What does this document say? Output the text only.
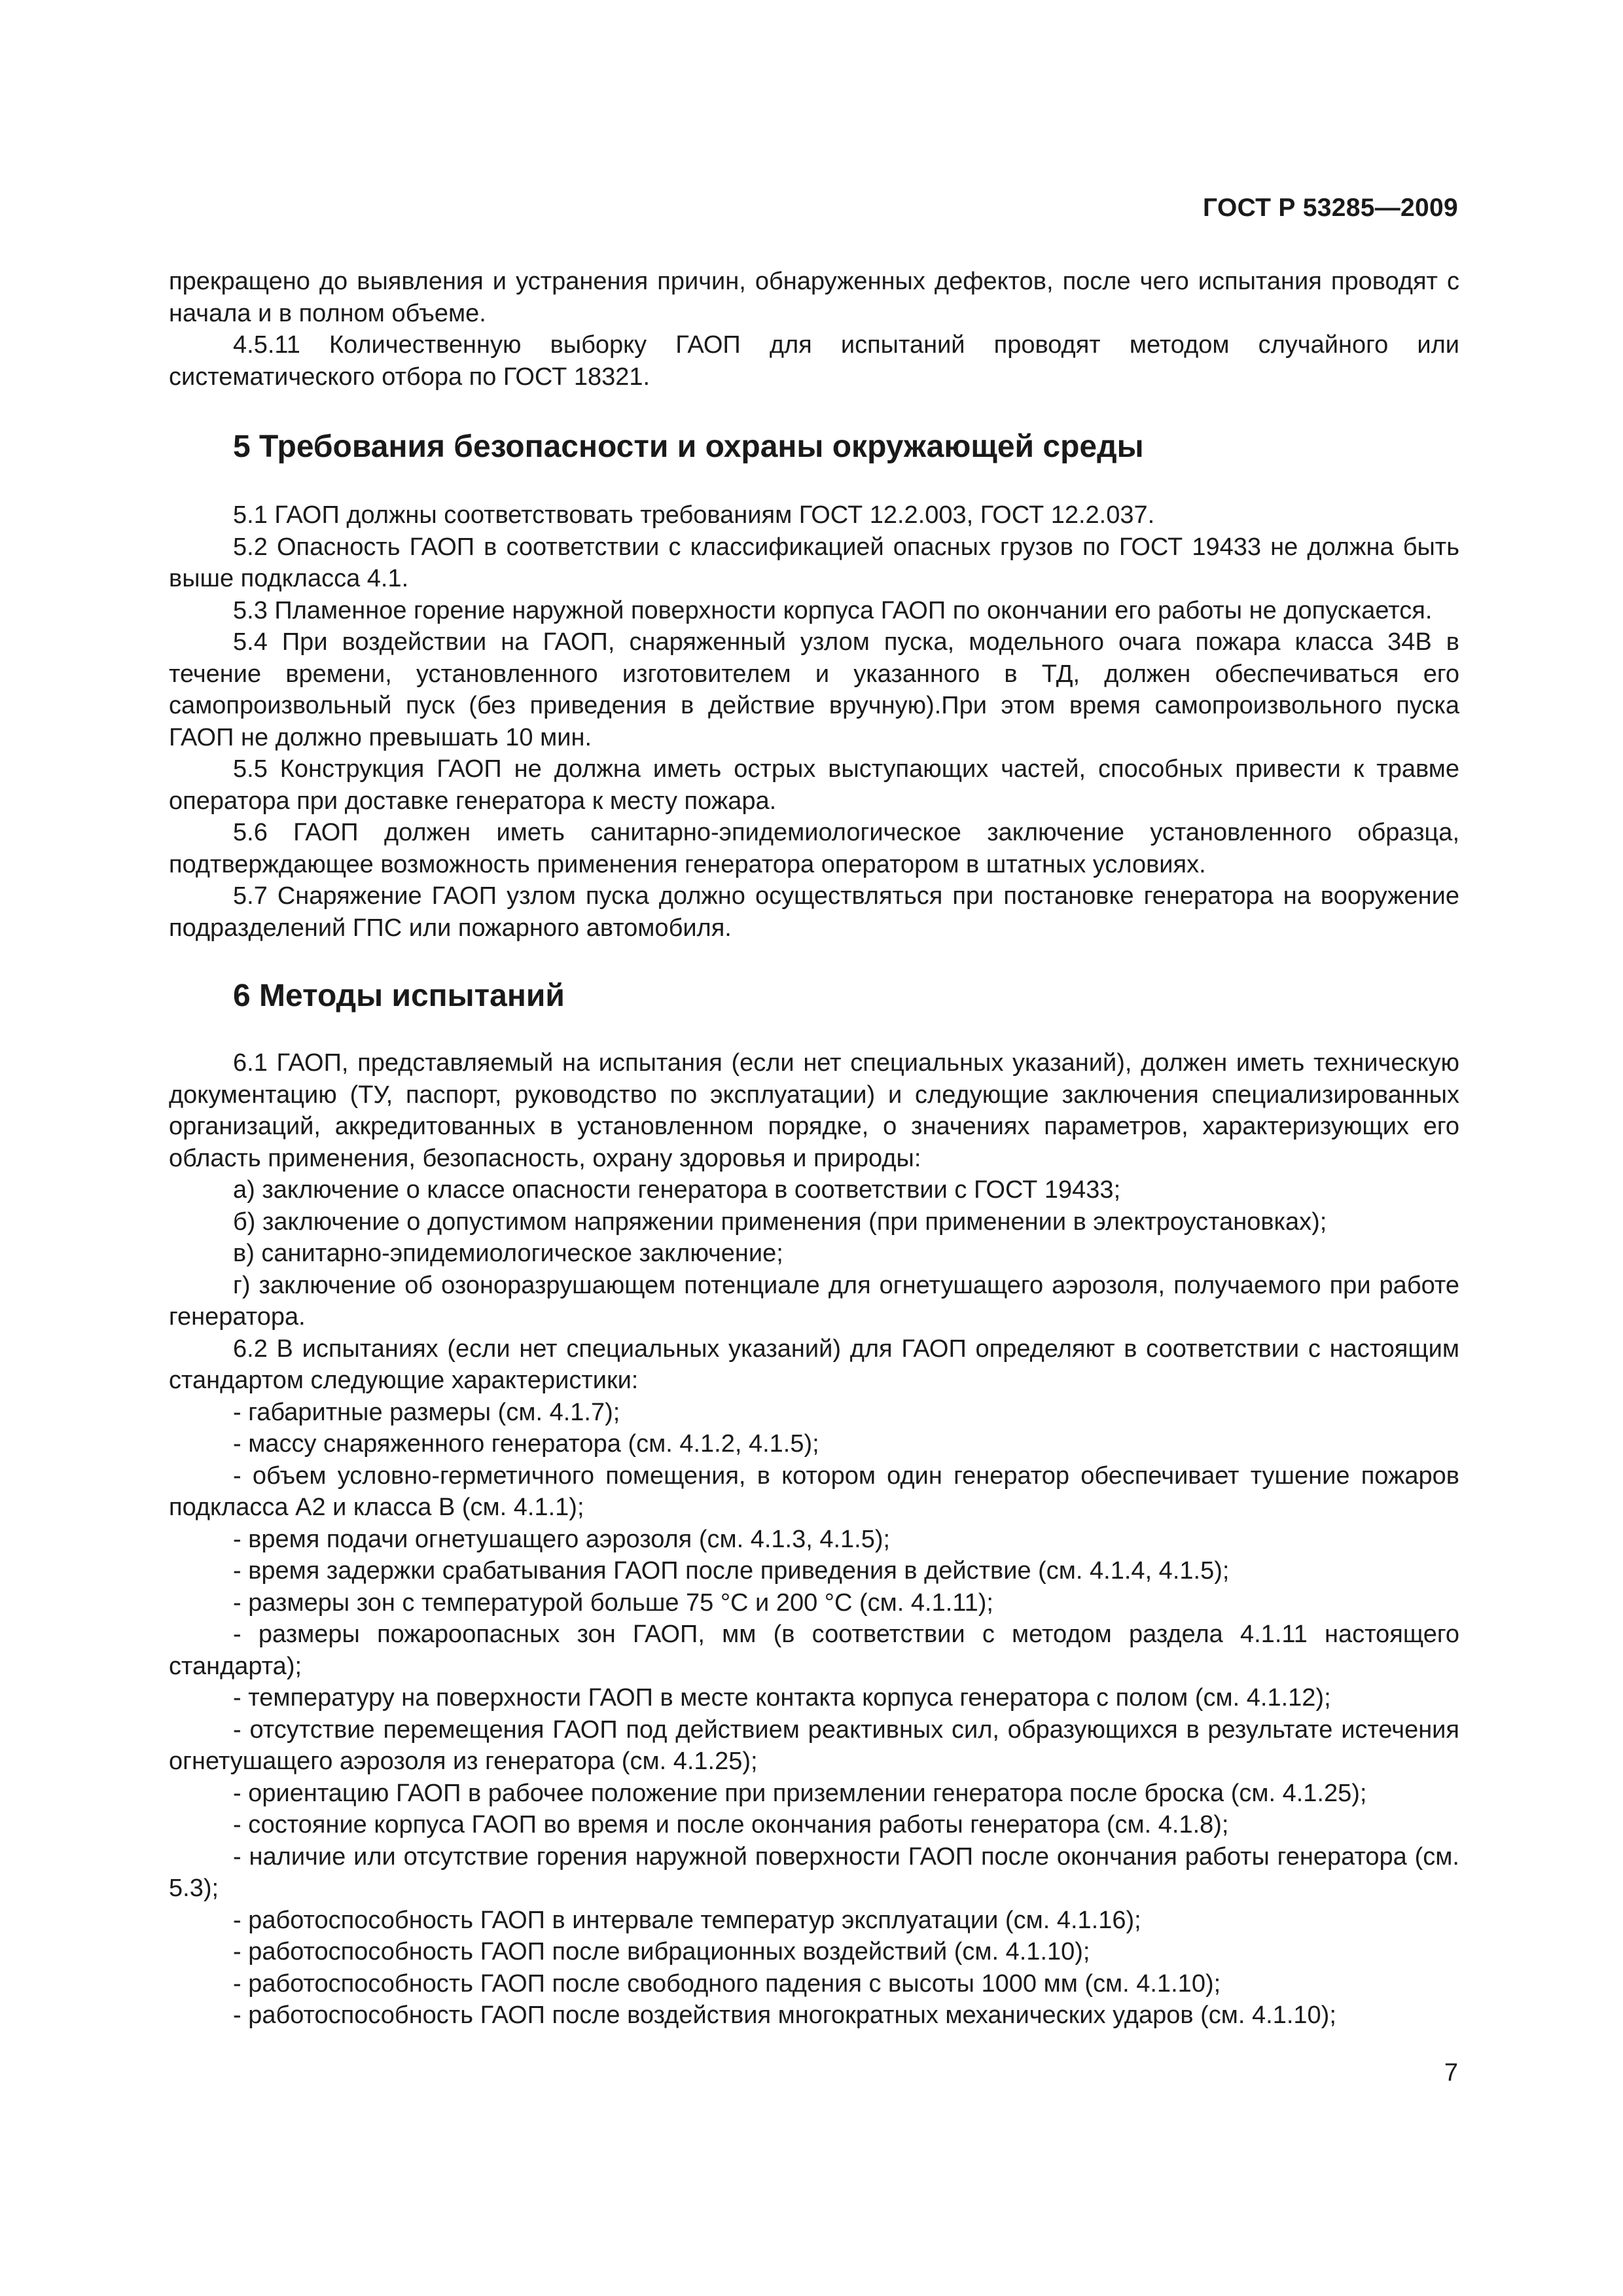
ГОСТ Р 53285—2009

прекращено до выявления и устранения причин, обнаруженных дефектов, после чего испытания проводят с начала и в полном объеме.

4.5.11 Количественную выборку ГАОП для испытаний проводят методом случайного или систематического отбора по ГОСТ 18321.

5 Требования безопасности и охраны окружающей среды

5.1 ГАОП должны соответствовать требованиям ГОСТ 12.2.003, ГОСТ 12.2.037.

5.2 Опасность ГАОП в соответствии с классификацией опасных грузов по ГОСТ 19433 не должна быть выше подкласса 4.1.

5.3 Пламенное горение наружной поверхности корпуса ГАОП по окончании его работы не допускается.

5.4 При воздействии на ГАОП, снаряженный узлом пуска, модельного очага пожара класса 34В в течение времени, установленного изготовителем и указанного в ТД, должен обеспечиваться его самопроизвольный пуск (без приведения в действие вручную).При этом время самопроизвольного пуска ГАОП не должно превышать 10 мин.

5.5 Конструкция ГАОП не должна иметь острых выступающих частей, способных привести к травме оператора при доставке генератора к месту пожара.

5.6 ГАОП должен иметь санитарно-эпидемиологическое заключение установленного образца, подтверждающее возможность применения генератора оператором в штатных условиях.

5.7 Снаряжение ГАОП узлом пуска должно осуществляться при постановке генератора на вооружение подразделений ГПС или пожарного автомобиля.

6 Методы испытаний

6.1 ГАОП, представляемый на испытания (если нет специальных указаний), должен иметь техническую документацию (ТУ, паспорт, руководство по эксплуатации) и следующие заключения специализированных организаций, аккредитованных в установленном порядке, о значениях параметров, характеризующих его область применения, безопасность, охрану здоровья и природы:

а) заключение о классе опасности генератора в соответствии с ГОСТ 19433;

б) заключение о допустимом напряжении применения (при применении в электроустановках);

в) санитарно-эпидемиологическое заключение;

г) заключение об озоноразрушающем потенциале для огнетушащего аэрозоля, получаемого при работе генератора.

6.2 В испытаниях (если нет специальных указаний) для ГАОП определяют в соответствии с настоящим стандартом следующие характеристики:

- габаритные размеры (см. 4.1.7);

- массу снаряженного генератора (см. 4.1.2, 4.1.5);

- объем условно-герметичного помещения, в котором один генератор обеспечивает тушение пожаров подкласса А2 и класса В (см. 4.1.1);

- время подачи огнетушащего аэрозоля (см. 4.1.3, 4.1.5);

- время задержки срабатывания ГАОП после приведения в действие (см. 4.1.4, 4.1.5);

- размеры зон с температурой больше 75 °С и 200 °С (см. 4.1.11);

- размеры пожароопасных зон ГАОП, мм (в соответствии с методом раздела 4.1.11 настоящего стандарта);

- температуру на поверхности ГАОП в месте контакта корпуса генератора с полом (см. 4.1.12);

- отсутствие перемещения ГАОП под действием реактивных сил, образующихся в результате истечения огнетушащего аэрозоля из генератора (см. 4.1.25);

- ориентацию ГАОП в рабочее положение при приземлении генератора после броска (см. 4.1.25);

- состояние корпуса ГАОП во время и после окончания работы генератора (см. 4.1.8);

- наличие или отсутствие горения наружной поверхности ГАОП после окончания работы генератора (см. 5.3);

- работоспособность ГАОП в интервале температур эксплуатации (см. 4.1.16);

- работоспособность ГАОП после вибрационных воздействий (см. 4.1.10);

- работоспособность ГАОП после свободного падения с высоты 1000 мм (см. 4.1.10);

- работоспособность ГАОП после воздействия многократных механических ударов (см. 4.1.10);

7
